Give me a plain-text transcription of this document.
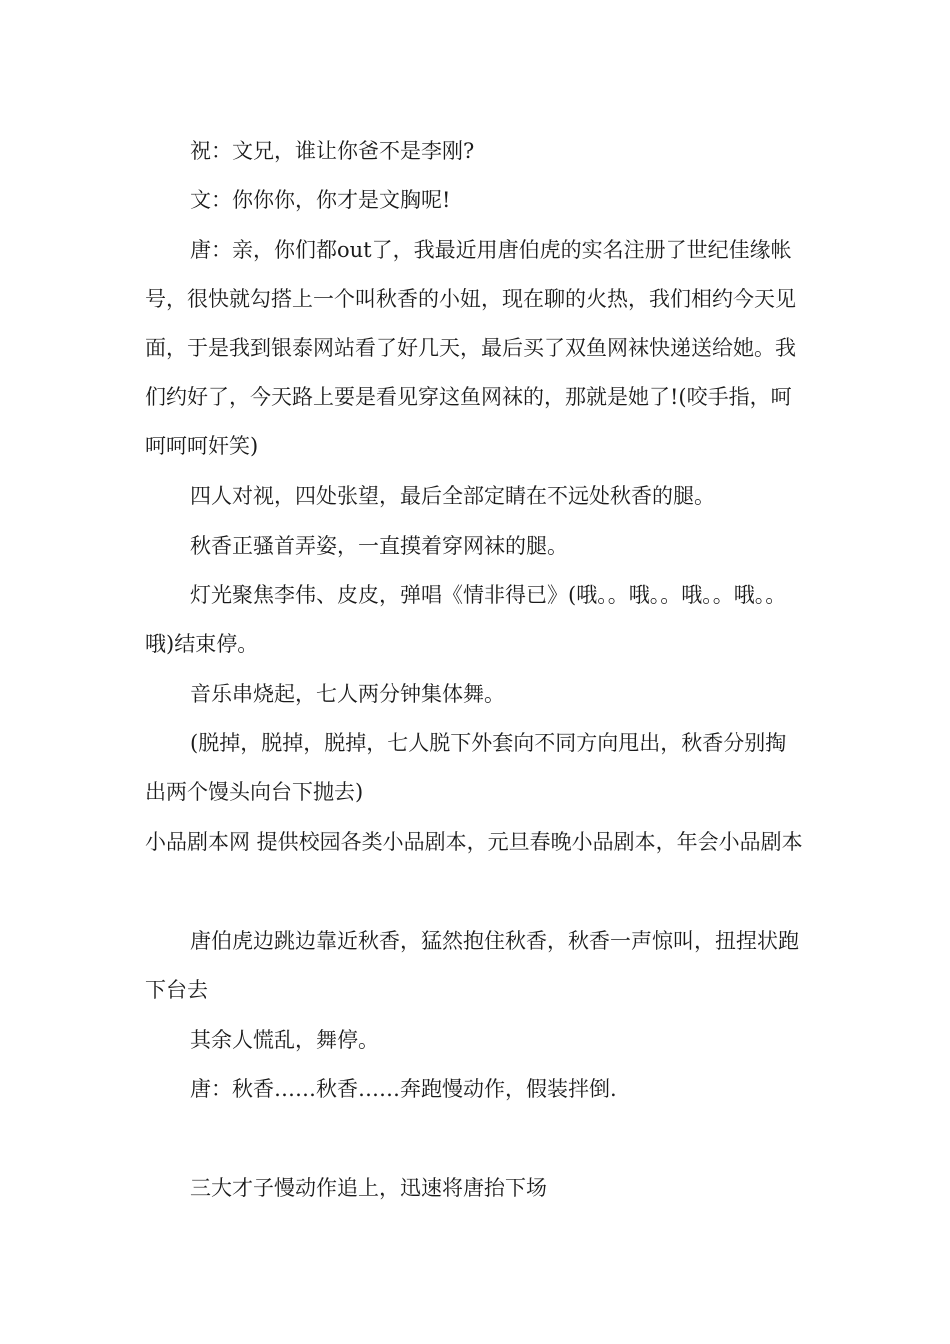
祝：文兄，谁让你爸不是李刚?

文：你你你，你才是文胸呢!

唐：亲，你们都out了，我最近用唐伯虎的实名注册了世纪佳缘帐号，很快就勾搭上一个叫秋香的小妞，现在聊的火热，我们相约今天见面，于是我到银泰网站看了好几天，最后买了双鱼网袜快递送给她。我们约好了，今天路上要是看见穿这鱼网袜的，那就是她了!(咬手指，呵呵呵呵奸笑)

四人对视，四处张望，最后全部定睛在不远处秋香的腿。

秋香正骚首弄姿，一直摸着穿网袜的腿。

灯光聚焦李伟、皮皮，弹唱《情非得已》(哦。。哦。。哦。。哦。。哦)结束停。

音乐串烧起，七人两分钟集体舞。

(脱掉，脱掉，脱掉，七人脱下外套向不同方向甩出，秋香分别掏出两个馒头向台下抛去)

小品剧本网 提供校园各类小品剧本，元旦春晚小品剧本，年会小品剧本

唐伯虎边跳边靠近秋香，猛然抱住秋香，秋香一声惊叫，扭捏状跑下台去

其余人慌乱，舞停。

唐：秋香……秋香……奔跑慢动作，假装拌倒.

三大才子慢动作追上，迅速将唐抬下场
